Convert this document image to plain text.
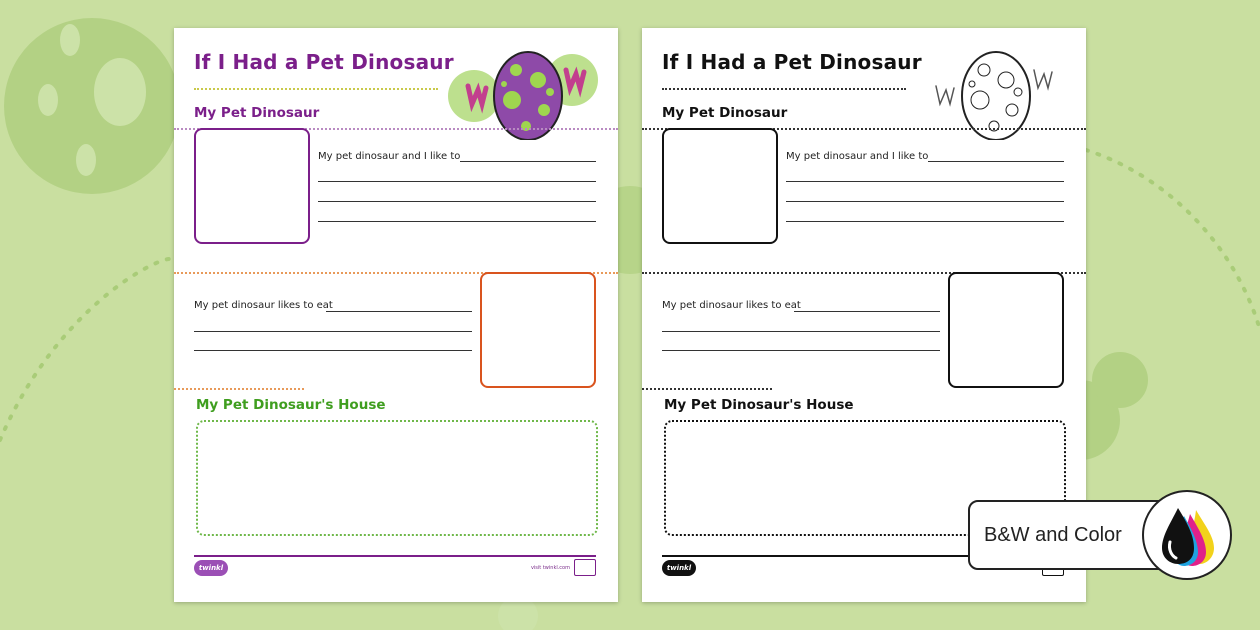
If I Had a Pet Dinosaur
My Pet Dinosaur
My pet dinosaur and I like to
My pet dinosaur likes to eat
My Pet Dinosaur's House
twinkl	visit twinkl.com
If I Had a Pet Dinosaur
My Pet Dinosaur
My pet dinosaur and I like to
My pet dinosaur likes to eat
My Pet Dinosaur's House
twinkl
B&W and Color
